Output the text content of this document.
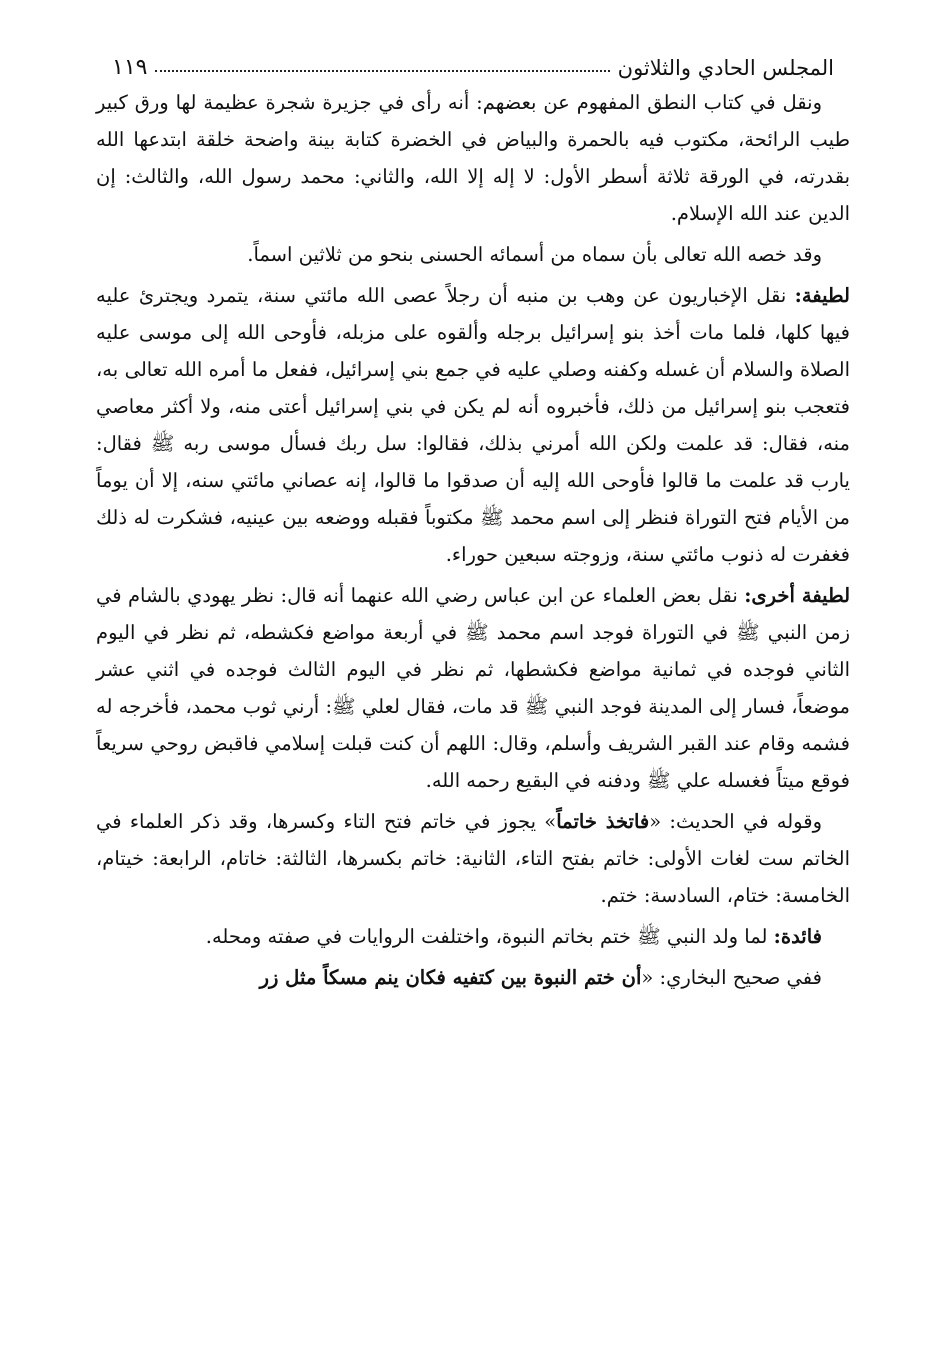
المجلس الحادي والثلاثون
١١٩

ونقل في كتاب النطق المفهوم عن بعضهم: أنه رأى في جزيرة شجرة عظيمة لها ورق كبير طيب الرائحة، مكتوب فيه بالحمرة والبياض في الخضرة كتابة بينة واضحة خلقة ابتدعها الله بقدرته، في الورقة ثلاثة أسطر الأول: لا إله إلا الله، والثاني: محمد رسول الله، والثالث: إن الدين عند الله الإسلام.

وقد خصه الله تعالى بأن سماه من أسمائه الحسنى بنحو من ثلاثين اسماً.

لطيفة: نقل الإخباريون عن وهب بن منبه أن رجلاً عصى الله مائتي سنة، يتمرد ويجترئ عليه فيها كلها، فلما مات أخذ بنو إسرائيل برجله وألقوه على مزبله، فأوحى الله إلى موسى عليه الصلاة والسلام أن غسله وكفنه وصلي عليه في جمع بني إسرائيل، ففعل ما أمره الله تعالى به، فتعجب بنو إسرائيل من ذلك، فأخبروه أنه لم يكن في بني إسرائيل أعتى منه، ولا أكثر معاصي منه، فقال: قد علمت ولكن الله أمرني بذلك، فقالوا: سل ربك فسأل موسى ربه ﷺ فقال: يارب قد علمت ما قالوا فأوحى الله إليه أن صدقوا ما قالوا، إنه عصاني مائتي سنه، إلا أن يوماً من الأيام فتح التوراة فنظر إلى اسم محمد ﷺ مكتوباً فقبله ووضعه بين عينيه، فشكرت له ذلك فغفرت له ذنوب مائتي سنة، وزوجته سبعين حوراء.

لطيفة أخرى: نقل بعض العلماء عن ابن عباس رضي الله عنهما أنه قال: نظر يهودي بالشام في زمن النبي ﷺ في التوراة فوجد اسم محمد ﷺ في أربعة مواضع فكشطه، ثم نظر في اليوم الثاني فوجده في ثمانية مواضع فكشطها، ثم نظر في اليوم الثالث فوجده في اثني عشر موضعاً، فسار إلى المدينة فوجد النبي ﷺ قد مات، فقال لعلي ﷺ: أرني ثوب محمد، فأخرجه له فشمه وقام عند القبر الشريف وأسلم، وقال: اللهم أن كنت قبلت إسلامي فاقبض روحي سريعاً فوقع ميتاً فغسله علي ﷺ ودفنه في البقيع رحمه الله.

وقوله في الحديث: «فاتخذ خاتماً» يجوز في خاتم فتح التاء وكسرها، وقد ذكر العلماء في الخاتم ست لغات الأولى: خاتم بفتح التاء، الثانية: خاتم بكسرها، الثالثة: خاتام، الرابعة: خيتام، الخامسة: ختام، السادسة: ختم.

فائدة: لما ولد النبي ﷺ ختم بخاتم النبوة، واختلفت الروايات في صفته ومحله.

ففي صحيح البخاري: «أن ختم النبوة بين كتفيه فكان ينم مسكاً مثل زر
